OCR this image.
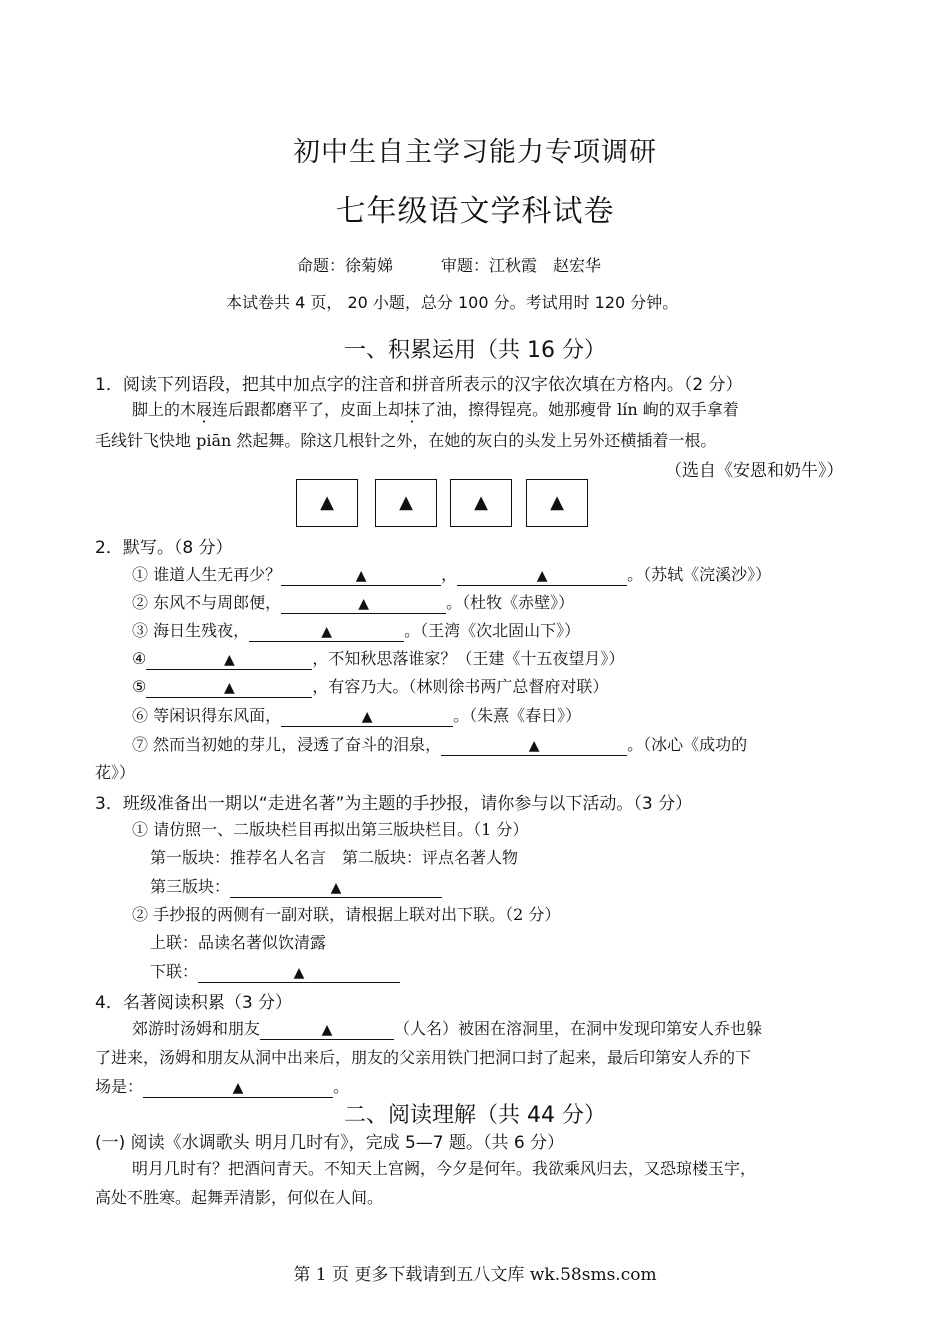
初中生自主学习能力专项调研
七年级语文学科试卷
命题：徐菊娣　　　审题：江秋霞　赵宏华
本试卷共 4 页， 20 小题，总分 100 分。考试用时 120 分钟。
一、积累运用（共 16 分）
1．阅读下列语段，把其中加点字的注音和拼音所表示的汉字依次填在方格内。（2 分）
脚上的木屐连后跟都磨平了，皮面上却抹了油，擦得锃亮。她那瘦骨 lín 峋的双手拿着
毛线针飞快地 piān 然起舞。除这几根针之外，在她的灰白的头发上另外还横插着一根。
（选自《安恩和奶牛》）
▲	▲	▲	▲
2．默写。（8 分）
① 谁道人生无再少？	▲	，	▲	。（苏轼《浣溪沙》）
② 东风不与周郎便，	▲	。（杜牧《赤壁》）
③ 海日生残夜，	▲	。（王湾《次北固山下》）
④	▲	，不知秋思落谁家？（王建《十五夜望月》）
⑤	▲	，有容乃大。（林则徐书两广总督府对联）
⑥ 等闲识得东风面，	▲	。（朱熹《春日》）
⑦ 然而当初她的芽儿，浸透了奋斗的泪泉，	▲	。（冰心《成功的
花》）
3．班级准备出一期以“走进名著”为主题的手抄报，请你参与以下活动。（3 分）
① 请仿照一、二版块栏目再拟出第三版块栏目。（1 分）
第一版块：推荐名人名言　第二版块：评点名著人物
第三版块：	▲
② 手抄报的两侧有一副对联，请根据上联对出下联。（2 分）
上联：品读名著似饮清露
下联：	▲
4．名著阅读积累（3 分）
郊游时汤姆和朋友	▲	（人名）被困在溶洞里，在洞中发现印第安人乔也躲
了进来，汤姆和朋友从洞中出来后，朋友的父亲用铁门把洞口封了起来，最后印第安人乔的下
场是：	▲	。
二、阅读理解（共 44 分）
(一) 阅读《水调歌头 明月几时有》，完成 5—7 题。（共 6 分）
明月几时有？把酒问青天。不知天上宫阙，今夕是何年。我欲乘风归去，又恐琼楼玉宇，
高处不胜寒。起舞弄清影，何似在人间。
第 1 页 更多下载请到五八文库 wk.58sms.com
